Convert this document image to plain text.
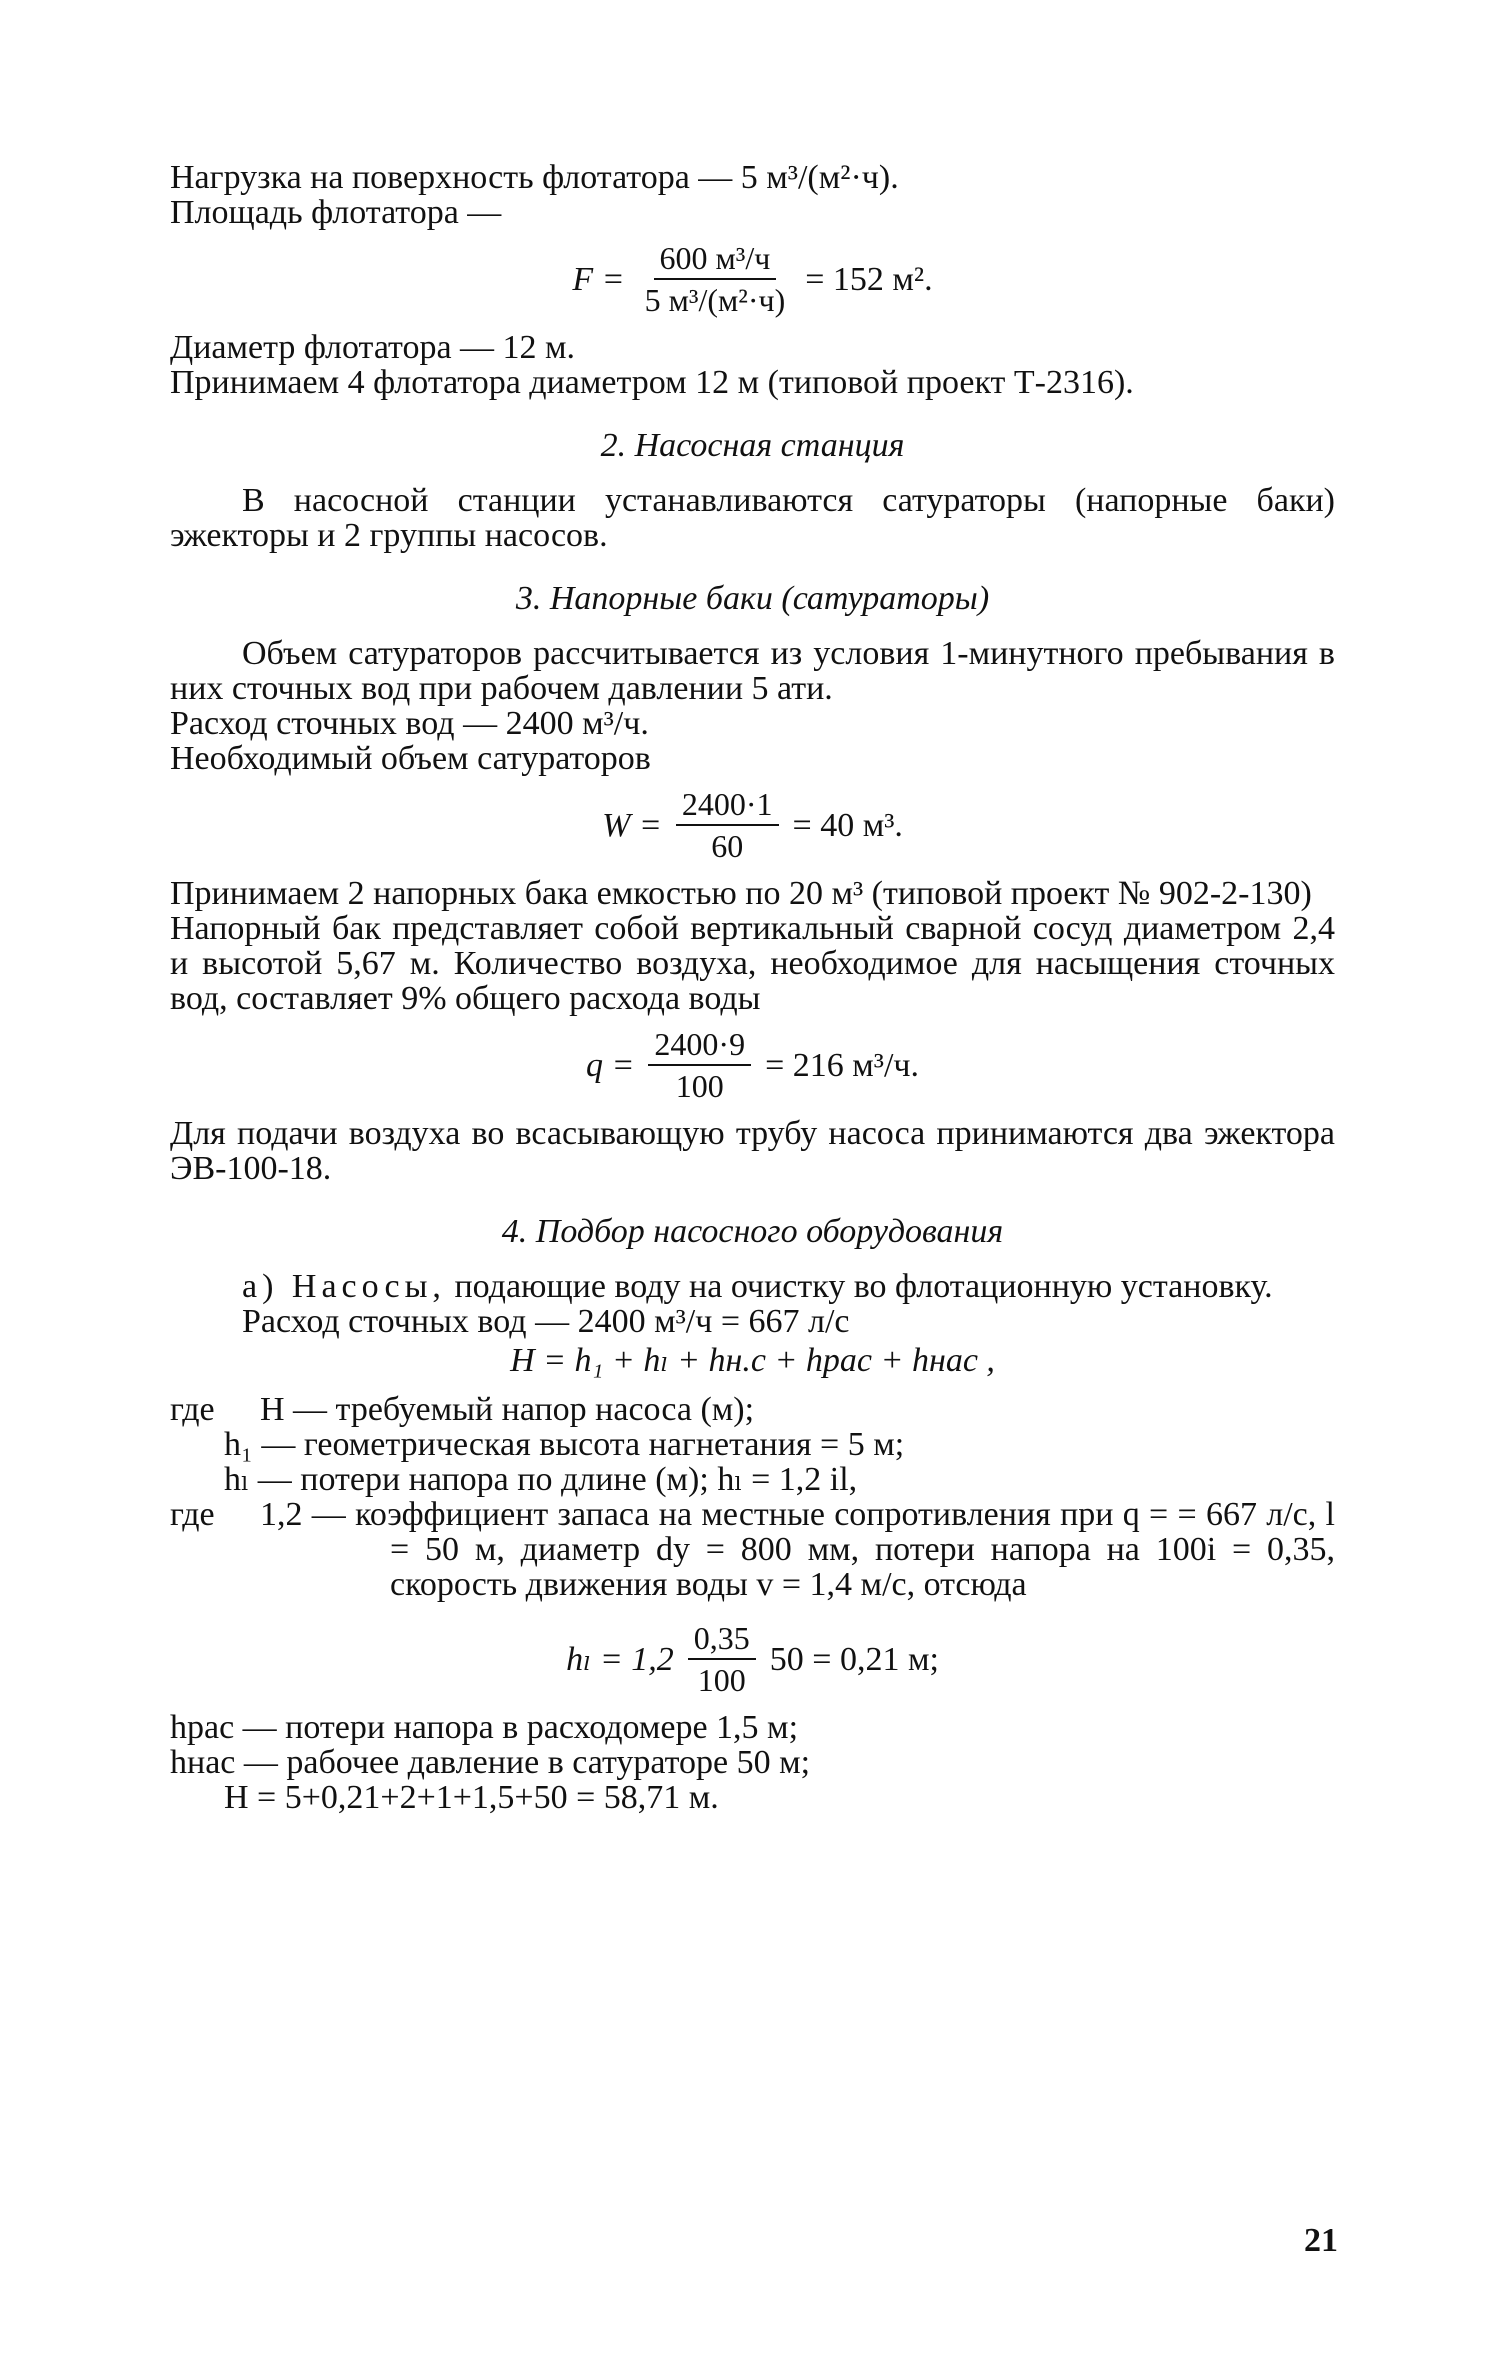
Нагрузка на поверхность флотатора — 5 м³/(м²·ч).

Площадь флотатора —

$F = \frac{\text{600 м³/ч}}{\text{5 м³/(м²·ч)}} = 152$ м².

Диаметр флотатора — 12 м.

Принимаем 4 флотатора диаметром 12 м (типовой проект Т-2316).

2. Насосная станция

В насосной станции устанавливаются сатураторы (напорные баки) эжекторы и 2 группы насосов.

3. Напорные баки (сатураторы)

Объем сатураторов рассчитывается из условия 1-минутного пребывания в них сточных вод при рабочем давлении 5 ати.

Расход сточных вод — 2400 м³/ч.

Необходимый объем сатураторов

$W = \frac{2400\cdot 1}{60} = 40$ м³.

Принимаем 2 напорных бака емкостью по 20 м³ (типовой проект № 902-2-130)

Напорный бак представляет собой вертикальный сварной сосуд диаметром 2,4 и высотой 5,67 м. Количество воздуха, необходимое для насыщения сточных вод, составляет 9% общего расхода воды

$q = \frac{2400\cdot 9}{100} = 216$ м³/ч.

Для подачи воздуха во всасывающую трубу насоса принимаются два эжектора ЭВ-100-18.

4. Подбор насосного оборудования

а) Насосы, подающие воду на очистку во флотационную установку.

Расход сточных вод — 2400 м³/ч = 667 л/с

H = h₁ + hₗ + hн.с + hрас + hнас ,

где	H — требуемый напор насоса (м);

h₁ — геометрическая высота нагнетания = 5 м;

hₗ — потери напора по длине (м); hₗ = 1,2 il,

где	1,2 — коэффициент запаса на местные сопротивления при q = = 667 л/с, l = 50 м, диаметр dу = 800 мм, потери напора на 100i = 0,35, скорость движения воды v = 1,4 м/с, отсюда
$h_l = 1,2 \frac{0,35}{100} 50 = 0,21$ м;

hрас — потери напора в расходомере 1,5 м;

hнас — рабочее давление в сатураторе 50 м;

H = 5+0,21+2+1+1,5+50 = 58,71 м.

21
